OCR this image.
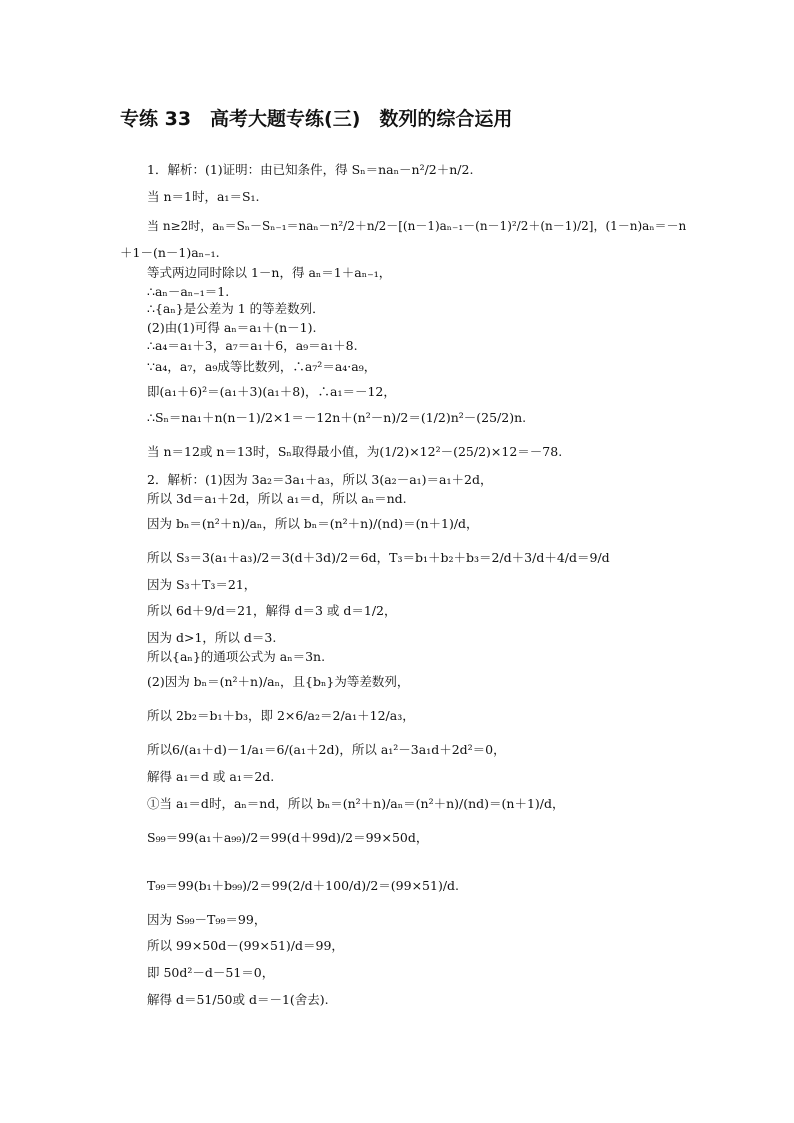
专练 33　高考大题专练(三)　数列的综合运用
1．解析：(1)证明：由已知条件，得 Sₙ＝naₙ－n²/2＋n/2.
当 n＝1时，a₁＝S₁.
当 n≥2时，aₙ＝Sₙ－Sₙ₋₁＝naₙ－n²/2＋n/2－[(n－1)aₙ₋₁－(n－1)²/2＋(n－1)/2]，(1－n)aₙ＝－n
＋1－(n－1)aₙ₋₁.
等式两边同时除以 1－n，得 aₙ＝1＋aₙ₋₁，
∴aₙ－aₙ₋₁＝1.
∴{aₙ}是公差为 1 的等差数列．
(2)由(1)可得 aₙ＝a₁＋(n－1).
∴a₄＝a₁＋3，a₇＝a₁＋6，a₉＝a₁＋8.
∵a₄，a₇，a₉成等比数列，∴a₇²＝a₄·a₉，
即(a₁＋6)²＝(a₁＋3)(a₁＋8)，∴a₁＝－12，
∴Sₙ＝na₁＋n(n－1)/2×1＝－12n＋(n²－n)/2＝(1/2)n²－(25/2)n.
当 n＝12或 n＝13时，Sₙ取得最小值，为(1/2)×12²－(25/2)×12＝－78.
2．解析：(1)因为 3a₂＝3a₁＋a₃，所以 3(a₂－a₁)＝a₁＋2d，
所以 3d＝a₁＋2d，所以 a₁＝d，所以 aₙ＝nd.
因为 bₙ＝(n²＋n)/aₙ，所以 bₙ＝(n²＋n)/(nd)＝(n＋1)/d，
所以 S₃＝3(a₁＋a₃)/2＝3(d＋3d)/2＝6d，T₃＝b₁＋b₂＋b₃＝2/d＋3/d＋4/d＝9/d
因为 S₃＋T₃＝21，
所以 6d＋9/d＝21，解得 d＝3 或 d＝1/2，
因为 d>1，所以 d＝3.
所以{aₙ}的通项公式为 aₙ＝3n.
(2)因为 bₙ＝(n²＋n)/aₙ，且{bₙ}为等差数列，
所以 2b₂＝b₁＋b₃，即 2×6/a₂＝2/a₁＋12/a₃，
所以6/(a₁＋d)－1/a₁＝6/(a₁＋2d)，所以 a₁²－3a₁d＋2d²＝0，
解得 a₁＝d 或 a₁＝2d.
①当 a₁＝d时，aₙ＝nd，所以 bₙ＝(n²＋n)/aₙ＝(n²＋n)/(nd)＝(n＋1)/d，
S₉₉＝99(a₁＋a₉₉)/2＝99(d＋99d)/2＝99×50d，
T₉₉＝99(b₁＋b₉₉)/2＝99(2/d＋100/d)/2＝(99×51)/d.
因为 S₉₉－T₉₉＝99，
所以 99×50d－(99×51)/d＝99，
即 50d²－d－51＝0，
解得 d＝51/50或 d＝－1(舍去).
